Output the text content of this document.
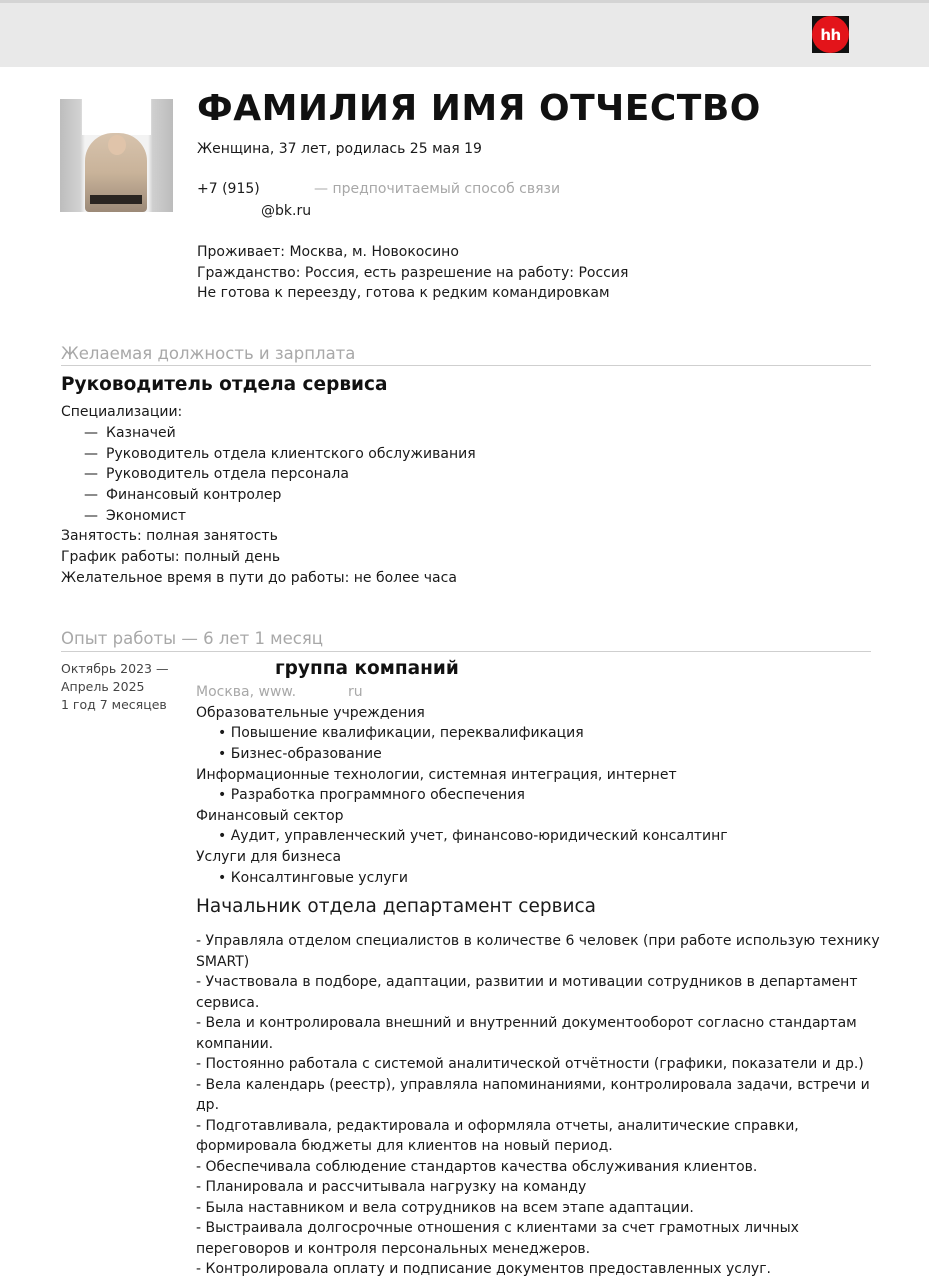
hh
ФАМИЛИЯ ИМЯ ОТЧЕСТВО
Женщина, 37 лет, родилась 25 мая 19
+7 (915)	— предпочитаемый способ связи
@bk.ru
Проживает: Москва, м. Новокосино
Гражданство: Россия, есть разрешение на работу: Россия
Не готова к переезду, готова к редким командировкам
Желаемая должность и зарплата
Руководитель отдела сервиса
Специализации:
— Казначей
— Руководитель отдела клиентского обслуживания
— Руководитель отдела персонала
— Финансовый контролер
— Экономист
Занятость: полная занятость
График работы: полный день
Желательное время в пути до работы: не более часа
Опыт работы — 6 лет 1 месяц
Октябрь 2023 —
Апрель 2025
1 год 7 месяцев
группа компаний
Москва, www.	ru
Образовательные учреждения
• Повышение квалификации, переквалификация
• Бизнес-образование
Информационные технологии, системная интеграция, интернет
• Разработка программного обеспечения
Финансовый сектор
• Аудит, управленческий учет, финансово-юридический консалтинг
Услуги для бизнеса
• Консалтинговые услуги
Начальник отдела департамент сервиса
- Управляла отделом специалистов в количестве 6 человек (при работе использую технику SMART)
- Участвовала в подборе, адаптации, развитии и мотивации сотрудников в департамент сервиса.
- Вела и контролировала внешний и внутренний документооборот согласно стандартам компании.
- Постоянно работала с системой аналитической отчётности (графики, показатели и др.)
- Вела календарь (реестр), управляла напоминаниями, контролировала задачи, встречи и др.
- Подготавливала, редактировала и оформляла отчеты, аналитические справки, формировала бюджеты для клиентов на новый период.
- Обеспечивала соблюдение стандартов качества обслуживания клиентов.
- Планировала и рассчитывала нагрузку на команду
- Была наставником и вела сотрудников на всем этапе адаптации.
- Выстраивала долгосрочные отношения с клиентами за счет грамотных личных переговоров и контроля персональных менеджеров.
- Контролировала оплату и подписание документов предоставленных услуг.
